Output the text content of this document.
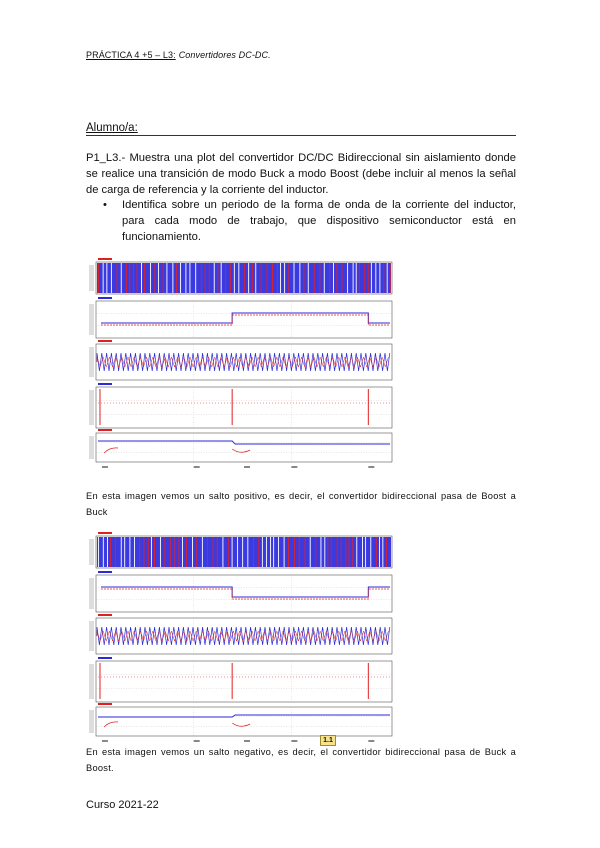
PRÁCTICA 4 +5 – L3: Convertidores DC-DC.
Alumno/a:
P1_L3.- Muestra una plot del convertidor DC/DC Bidireccional sin aislamiento donde se realice una transición de modo Buck a modo Boost (debe incluir al menos la señal de carga de referencia y la corriente del inductor.
• Identifica sobre un periodo de la forma de onda de la corriente del inductor, para cada modo de trabajo, que dispositivo semiconductor está en funcionamiento.
En esta imagen vemos un salto positivo, es decir, el convertidor bidireccional pasa de Boost a Buck
En esta imagen vemos un salto negativo, es decir, el convertidor bidireccional pasa de Buck a Boost.
1.1
Curso 2021-22
